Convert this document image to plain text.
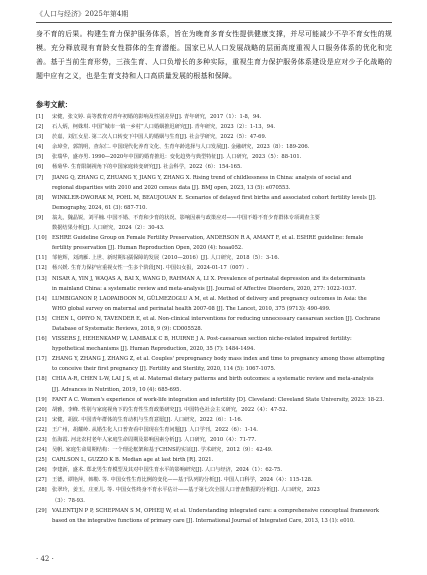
《人口与经济》2025年第4期

身不育的后果。构建生育力保护服务体系，旨在为晚育多育女性提供健康支撑，并尽可能减少不孕不育女性的规模。充分释放现有育龄女性群体的生育潜能。国家已从人口发展战略的层面高度重视人口服务体系的优化和完善。基于当前生育形势，三孩生育、人口负增长的多种实际，重视生育力保护服务体系建设是应对少子化战略的题中应有之义，也是生育支持和人口高质量发展的根基和保障。

参考文献：
[1]	宋健，张文婷. 高等教育对青年初婚的影响及性别差异[J]. 青年研究，2017（1）：1-8，94.
[2]	石人炳，柯姝琪. 中国“城市一镇一乡村”人口婚姻推迟研究[J]. 青年研究，2023（2）：1-13，94.
[3]	於嘉，刘江女星. 第二次人口转变下中国人的婚姻与生育[J]. 社会学研究，2022（5）：47-69.
[4]	余璋莹，郭凯明，查东仁. 中国现代化养育文化、生育年龄选择与人口发展[J]. 金融研究，2023（8）：189-206.
[5]	张瑞华，盛亦男. 1990—2020年中国的婚育推迟：变化趋势与典型特征[J]. 人口研究，2023（5）：88-101.
[6]	杨菊华. 生育限制视角下的中国家庭转变研究[J]. 社会科学，2022（6）：154-165.
[7]	JIANG Q, ZHANG C, ZHUANG Y, JIANG Y, ZHANG X. Rising trend of childlessness in China: analysis of social and
regional disparities with 2010 and 2020 census data [J]. BMJ open, 2023, 13 (5): e070553.
[8]	WINKLER-DWORAK M, POHL M, BEAUJOUAN E. Scenarios of delayed first births and associated cohort fertility levels [J].
Demography, 2024, 61 (3): 687-710.
[9]	翁丸，魏晶锐，刘平楠. 中国不婚、不育和少育的状况、影响因素与政策应对——中国不婚不育少育群体专项调查主要
数据结果分析[J]. 人口研究，2024（2）：30-43.
[10]	ESHRE Guideline Group on Female Fertility Preservation, ANDERSON R A, AMANT F, et al. ESHRE guideline: female
fertility preservation [J]. Human Reproduction Open, 2020 (4): hoaa052.
[11]	邹艳辉，刘鸿雁. 上世、新时期妇孺保障的发展（2010—2016）[J]. 人口研究，2018（5）：3-16.
[12]	杨兴媛. 生育力保护应重视女性一生多个阶段[N]. 中国妇女报，2024-01-17（007）.
[13]	NISAR A, YIN J, WAQAS A, BAI X, WANG D, RAHMAN A, LI X. Prevalence of perinatal depression and its determinants
in mainland China: a systematic review and meta-analysis [J]. Journal of Affective Disorders, 2020, 277: 1022-1037.
[14]	LUMBIGANON P, LAOPAIBOON M, GÜLMEZOGLU A M, et al. Method of delivery and pregnancy outcomes in Asia: the
WHO global survey on maternal and perinatal health 2007-08 [J]. The Lancet, 2010, 375 (9713): 490-499.
[15]	CHEN L, OPIYO N, TAVENDER E, et al. Non-clinical interventions for reducing unnecessary caesarean section [J]. Cochrane
Database of Systematic Reviews, 2018, 9 (9): CD005528.
[16]	VISSERS J, HEHENKAMP W, LAMBALK C B, HUIRNE J A. Post-caesarean section niche-related impaired fertility:
hypothetical mechanisms [J]. Human Reproduction, 2020, 35 (7): 1484-1494.
[17]	ZHANG Y, ZHANG J, ZHANG Z, et al. Couples' prepregnancy body mass index and time to pregnancy among those attempting
to conceive their first pregnancy [J]. Fertility and Sterility, 2020, 114 (5): 1067-1075.
[18]	CHIA A-R, CHEN L-W, LAI J S, et al. Maternal dietary patterns and birth outcomes: a systematic review and meta-analysis
[J]. Advances in Nutrition, 2019, 10 (4): 685-695.
[19]	FANT A C. Women's experience of work-life integration and infertility [D]. Cleveland: Cleveland State University, 2023: 18-23.
[20]	胡雅，李峰. 性别与家庭视角下的生育性生育政策研究[J]. 中国特色社会主义研究，2022（4）：47-52.
[21]	宋健，胡波. 中国青年群体的生育动机与生育意愿[J]. 人口研究，2022（6）：1-16.
[22]	王广州，胡耀岭. 从婚生化人口普查看中国现在生育问题[J]. 人口学刊，2022（6）：1-14.
[23]	伍海霞. 河北农村老年人家庭生命周期及影响因素分析[J]. 人口研究，2010（4）：71-77.
[24]	吴帆. 家庭生命周期结构：一个理论框架和基于CHNS的实证[J]. 学术研究，2012（9）：42-49.
[25]	CARLSON L, GUZZO K B. Median age at last birth [R]. 2021.
[26]	李建新，盛术. 郑北男生育模型及其对中国生育水平的影响研究[J]. 人口与经济，2024（1）：62-75.
[27]	王德，谭艳萍，韩勒. 等. 中国女性生育比例的变化——基于队列的分析[J]. 中国人口科学，2024（4）：115-128.
[28]	张翠玲，姜玉，庄亚儿. 等. 中国女性终身不育水平估计——基于第七次全国人口普查数据的分析[J]. 人口研究，2023
（3）：78-93.
[29]	VALENTIJN P P, SCHEPMAN S M, OPHEIJ W, et al. Understanding integrated care: a comprehensive conceptual framework
based on the integrative functions of primary care [J]. International Journal of Integrated Care, 2013, 13 (1): e010.
· 42 ·
